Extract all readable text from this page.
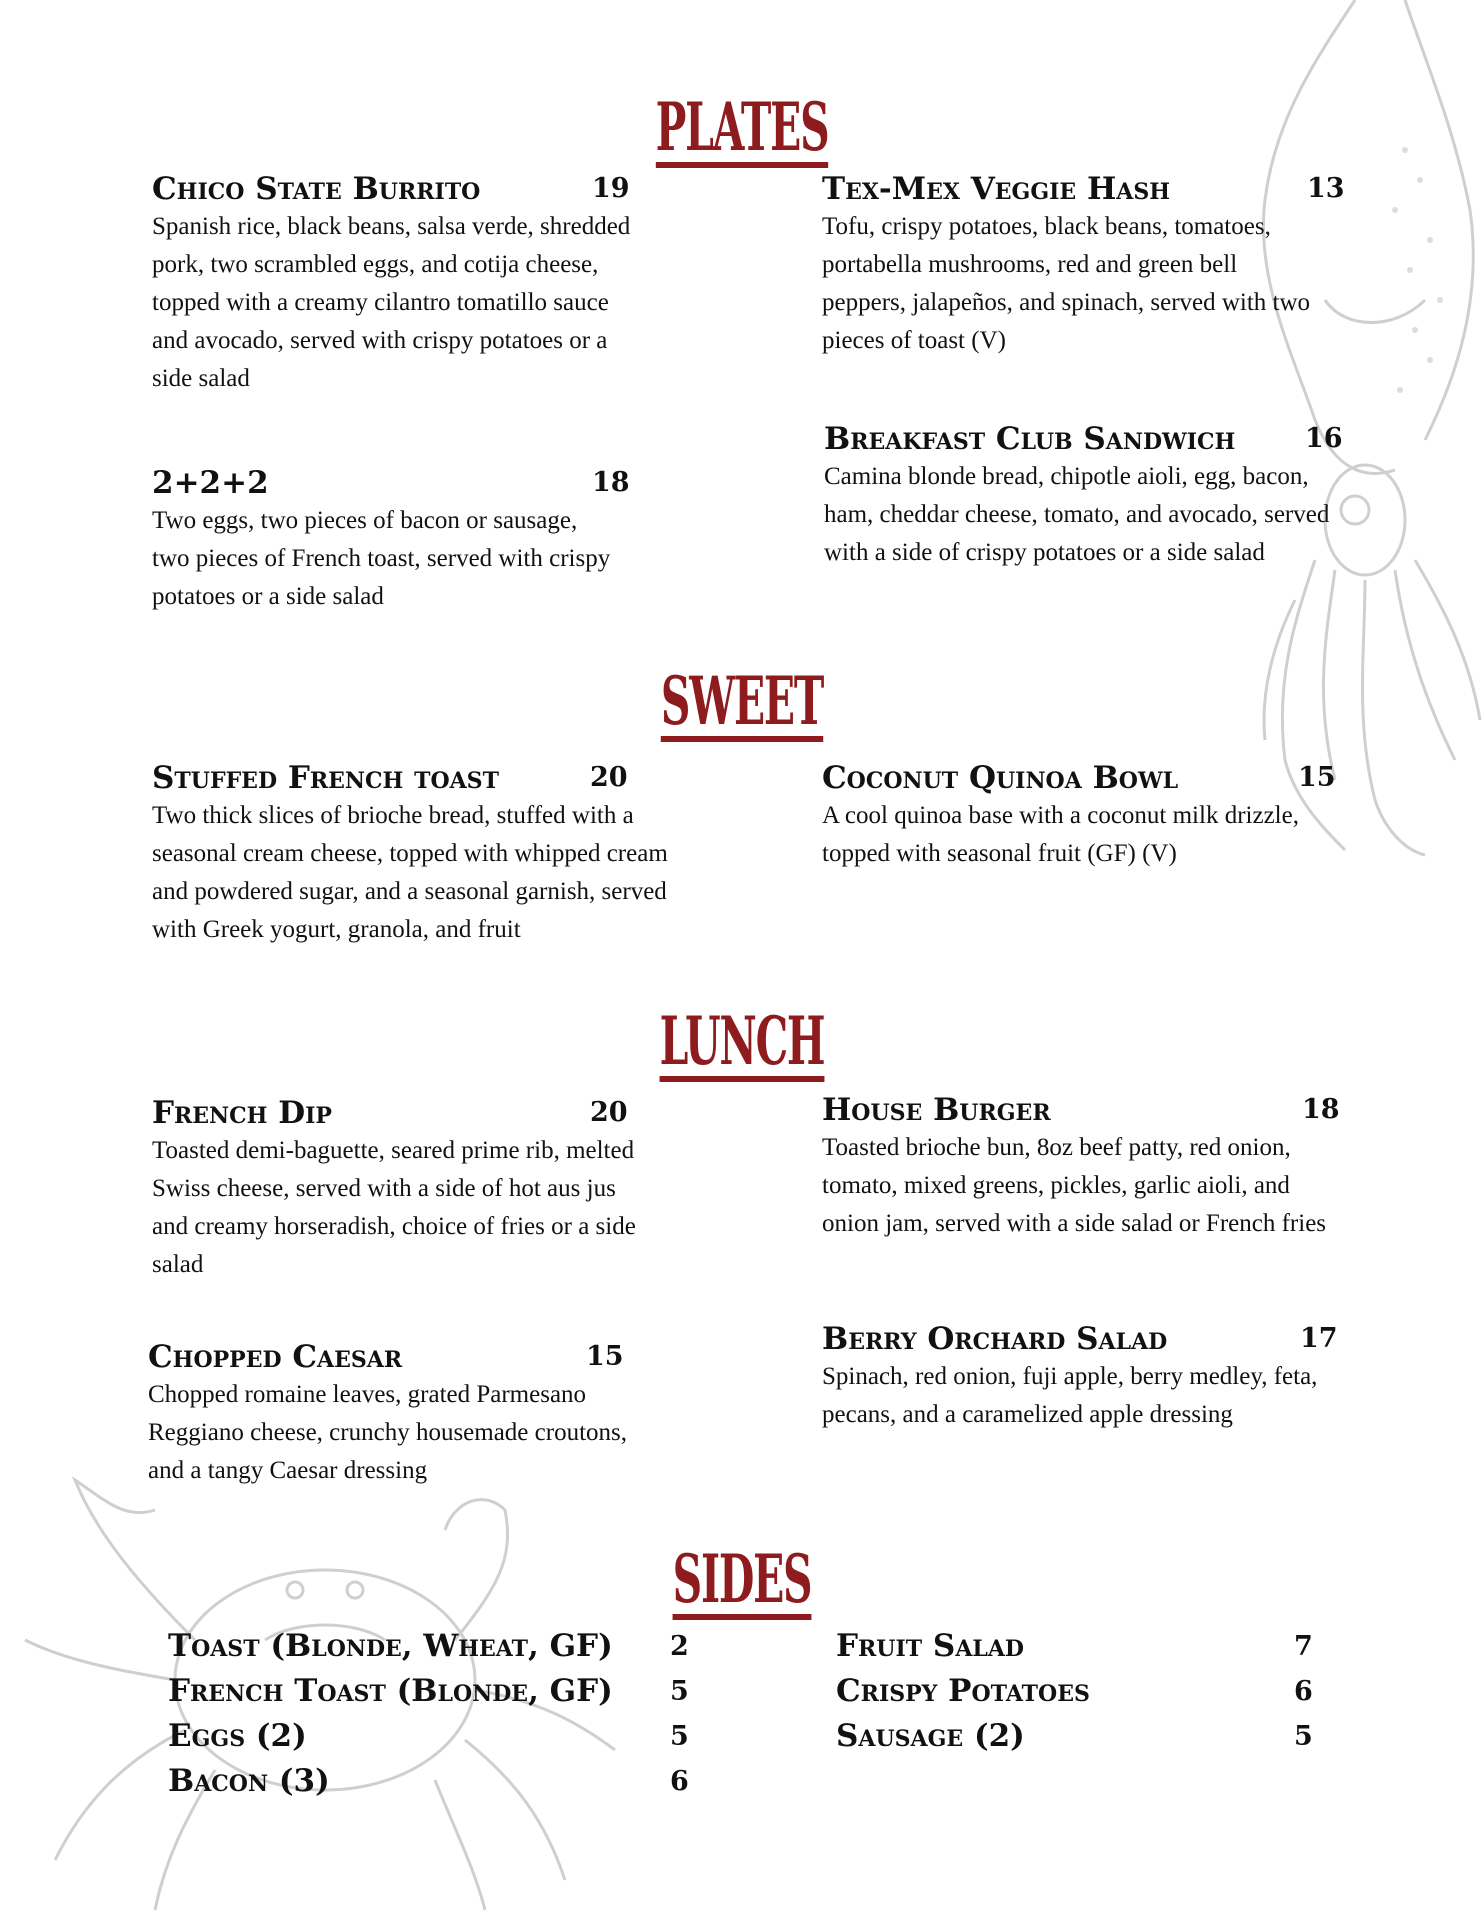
PLATES
Chico State Burrito	19
Spanish rice, black beans, salsa verde, shredded pork, two scrambled eggs, and cotija cheese, topped with a creamy cilantro tomatillo sauce and avocado, served with crispy potatoes or a side salad
Tex-Mex Veggie Hash	13
Tofu, crispy potatoes, black beans, tomatoes, portabella mushrooms, red and green bell peppers, jalapeños, and spinach, served with two pieces of toast (V)
2+2+2	18
Two eggs, two pieces of bacon or sausage, two pieces of French toast, served with crispy potatoes or a side salad
Breakfast Club Sandwich	16
Camina blonde bread, chipotle aioli, egg, bacon, ham, cheddar cheese, tomato, and avocado, served with a side of crispy potatoes or a side salad
SWEET
Stuffed French toast	20
Two thick slices of brioche bread, stuffed with a seasonal cream cheese, topped with whipped cream and powdered sugar, and a seasonal garnish, served with Greek yogurt, granola, and fruit
Coconut Quinoa Bowl	15
A cool quinoa base with a coconut milk drizzle, topped with seasonal fruit (GF) (V)
LUNCH
French Dip	20
Toasted demi-baguette, seared prime rib, melted Swiss cheese, served with a side of hot aus jus and creamy horseradish, choice of fries or a side salad
House Burger	18
Toasted brioche bun, 8oz beef patty, red onion, tomato, mixed greens, pickles, garlic aioli, and onion jam, served with a side salad or French fries
Chopped Caesar	15
Chopped romaine leaves, grated Parmesano Reggiano cheese, crunchy housemade croutons, and a tangy Caesar dressing
Berry Orchard Salad	17
Spinach, red onion, fuji apple, berry medley, feta, pecans, and a caramelized apple dressing
SIDES
Toast (Blonde, Wheat, GF) 2
French Toast (Blonde, GF) 5
Eggs (2)	5
Bacon (3)	6
Fruit Salad	7
Crispy Potatoes	6
Sausage (2)	5
